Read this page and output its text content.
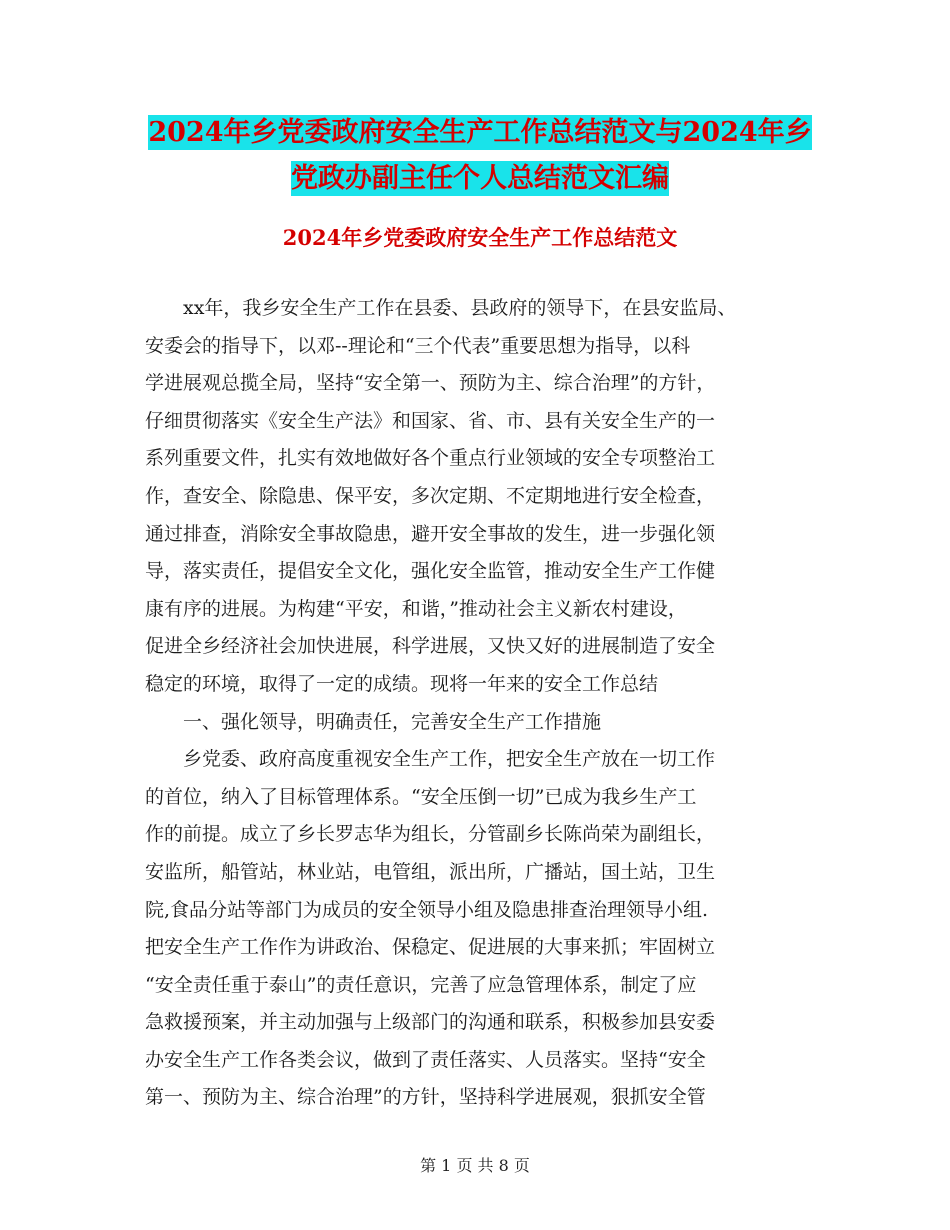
2024年乡党委政府安全生产工作总结范文与2024年乡
党政办副主任个人总结范文汇编
2024年乡党委政府安全生产工作总结范文

xx年，我乡安全生产工作在县委、县政府的领导下，在县安监局、
安委会的指导下，以邓--理论和“三个代表”重要思想为指导，以科
学进展观总揽全局，坚持“安全第一、预防为主、综合治理”的方针，
仔细贯彻落实《安全生产法》和国家、省、市、县有关安全生产的一
系列重要文件，扎实有效地做好各个重点行业领域的安全专项整治工
作，查安全、除隐患、保平安，多次定期、不定期地进行安全检查，
通过排查，消除安全事故隐患，避开安全事故的发生，进一步强化领
导，落实责任，提倡安全文化，强化安全监管，推动安全生产工作健
康有序的进展。为构建“平安，和谐，”推动社会主义新农村建设，
促进全乡经济社会加快进展，科学进展，又快又好的进展制造了安全
稳定的环境，取得了一定的成绩。现将一年来的安全工作总结

一、强化领导，明确责任，完善安全生产工作措施

乡党委、政府高度重视安全生产工作，把安全生产放在一切工作
的首位，纳入了目标管理体系。“安全压倒一切”已成为我乡生产工
作的前提。成立了乡长罗志华为组长，分管副乡长陈尚荣为副组长，
安监所，船管站，林业站，电管组，派出所，广播站，国土站，卫生
院,食品分站等部门为成员的安全领导小组及隐患排查治理领导小组.
把安全生产工作作为讲政治、保稳定、促进展的大事来抓；牢固树立
“安全责任重于泰山”的责任意识，完善了应急管理体系，制定了应
急救援预案，并主动加强与上级部门的沟通和联系，积极参加县安委
办安全生产工作各类会议，做到了责任落实、人员落实。坚持“安全
第一、预防为主、综合治理”的方针，坚持科学进展观，狠抓安全管

第 1 页 共 8 页
